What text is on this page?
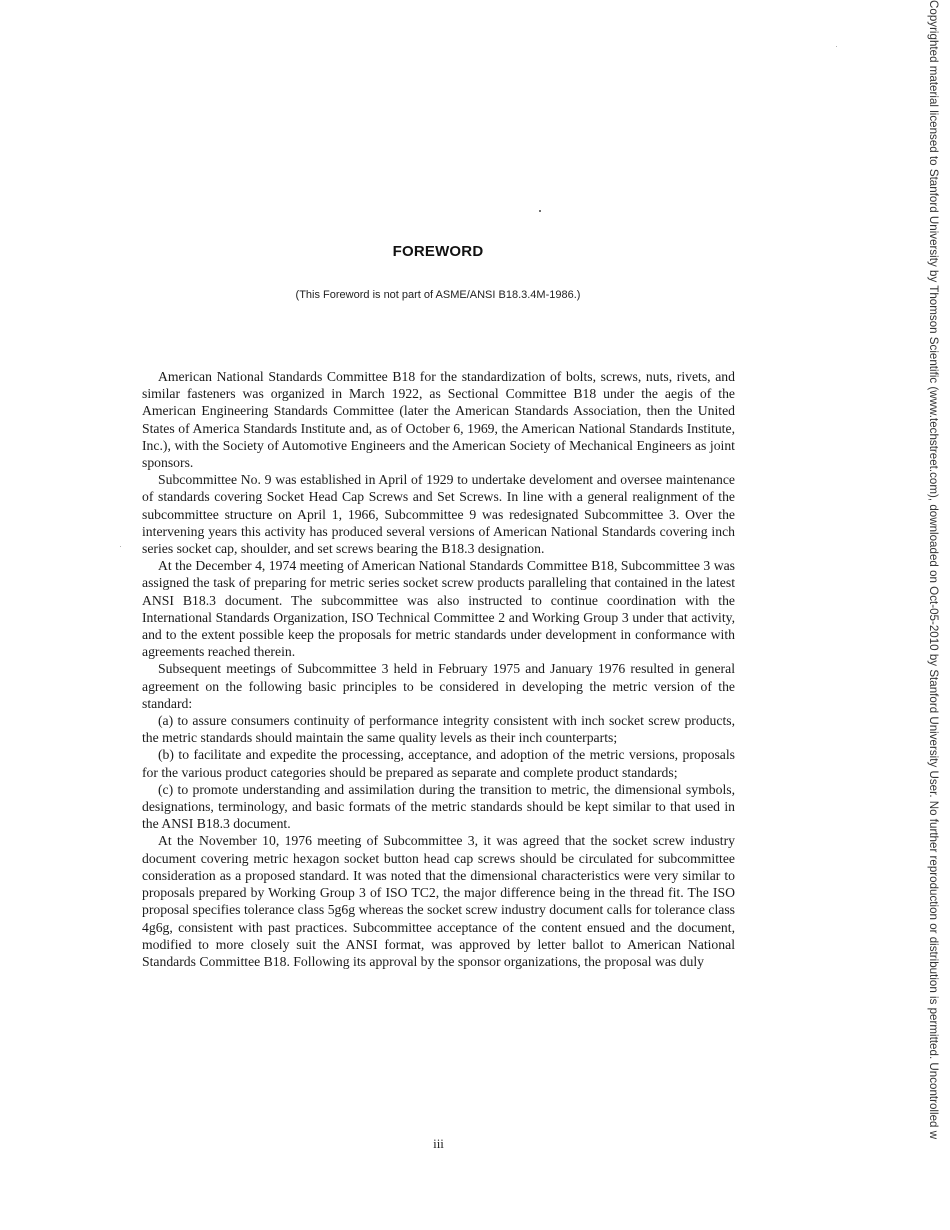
FOREWORD
(This Foreword is not part of ASME/ANSI B18.3.4M-1986.)

American National Standards Committee B18 for the standardization of bolts, screws, nuts, rivets, and similar fasteners was organized in March 1922, as Sectional Committee B18 under the aegis of the American Engineering Standards Committee (later the American Standards Association, then the United States of America Standards Institute and, as of October 6, 1969, the American National Standards Institute, Inc.), with the Society of Automotive Engineers and the American Society of Mechanical Engineers as joint sponsors.

Subcommittee No. 9 was established in April of 1929 to undertake develoment and oversee maintenance of standards covering Socket Head Cap Screws and Set Screws. In line with a general realignment of the subcommittee structure on April 1, 1966, Subcommittee 9 was redesignated Subcommittee 3. Over the intervening years this activity has produced several versions of American National Standards covering inch series socket cap, shoulder, and set screws bearing the B18.3 designation.

At the December 4, 1974 meeting of American National Standards Committee B18, Subcommittee 3 was assigned the task of preparing for metric series socket screw products paralleling that contained in the latest ANSI B18.3 document. The subcommittee was also instructed to continue coordination with the International Standards Organization, ISO Technical Committee 2 and Working Group 3 under that activity, and to the extent possible keep the proposals for metric standards under development in conformance with agreements reached therein.

Subsequent meetings of Subcommittee 3 held in February 1975 and January 1976 resulted in general agreement on the following basic principles to be considered in developing the metric version of the standard:

(a) to assure consumers continuity of performance integrity consistent with inch socket screw products, the metric standards should maintain the same quality levels as their inch counterparts;

(b) to facilitate and expedite the processing, acceptance, and adoption of the metric versions, proposals for the various product categories should be prepared as separate and complete product standards;

(c) to promote understanding and assimilation during the transition to metric, the dimensional symbols, designations, terminology, and basic formats of the metric standards should be kept similar to that used in the ANSI B18.3 document.

At the November 10, 1976 meeting of Subcommittee 3, it was agreed that the socket screw industry document covering metric hexagon socket button head cap screws should be circulated for subcommittee consideration as a proposed standard. It was noted that the dimensional characteristics were very similar to proposals prepared by Working Group 3 of ISO TC2, the major difference being in the thread fit. The ISO proposal specifies tolerance class 5g6g whereas the socket screw industry document calls for tolerance class 4g6g, consistent with past practices. Subcommittee acceptance of the content ensued and the document, modified to more closely suit the ANSI format, was approved by letter ballot to American National Standards Committee B18. Following its approval by the sponsor organizations, the proposal was duly

iii
Copyrighted material licensed to Stanford University by Thomson Scientific (www.techstreet.com), downloaded on Oct-05-2010 by Stanford University User. No further reproduction or distribution is permitted. Uncontrolled w
